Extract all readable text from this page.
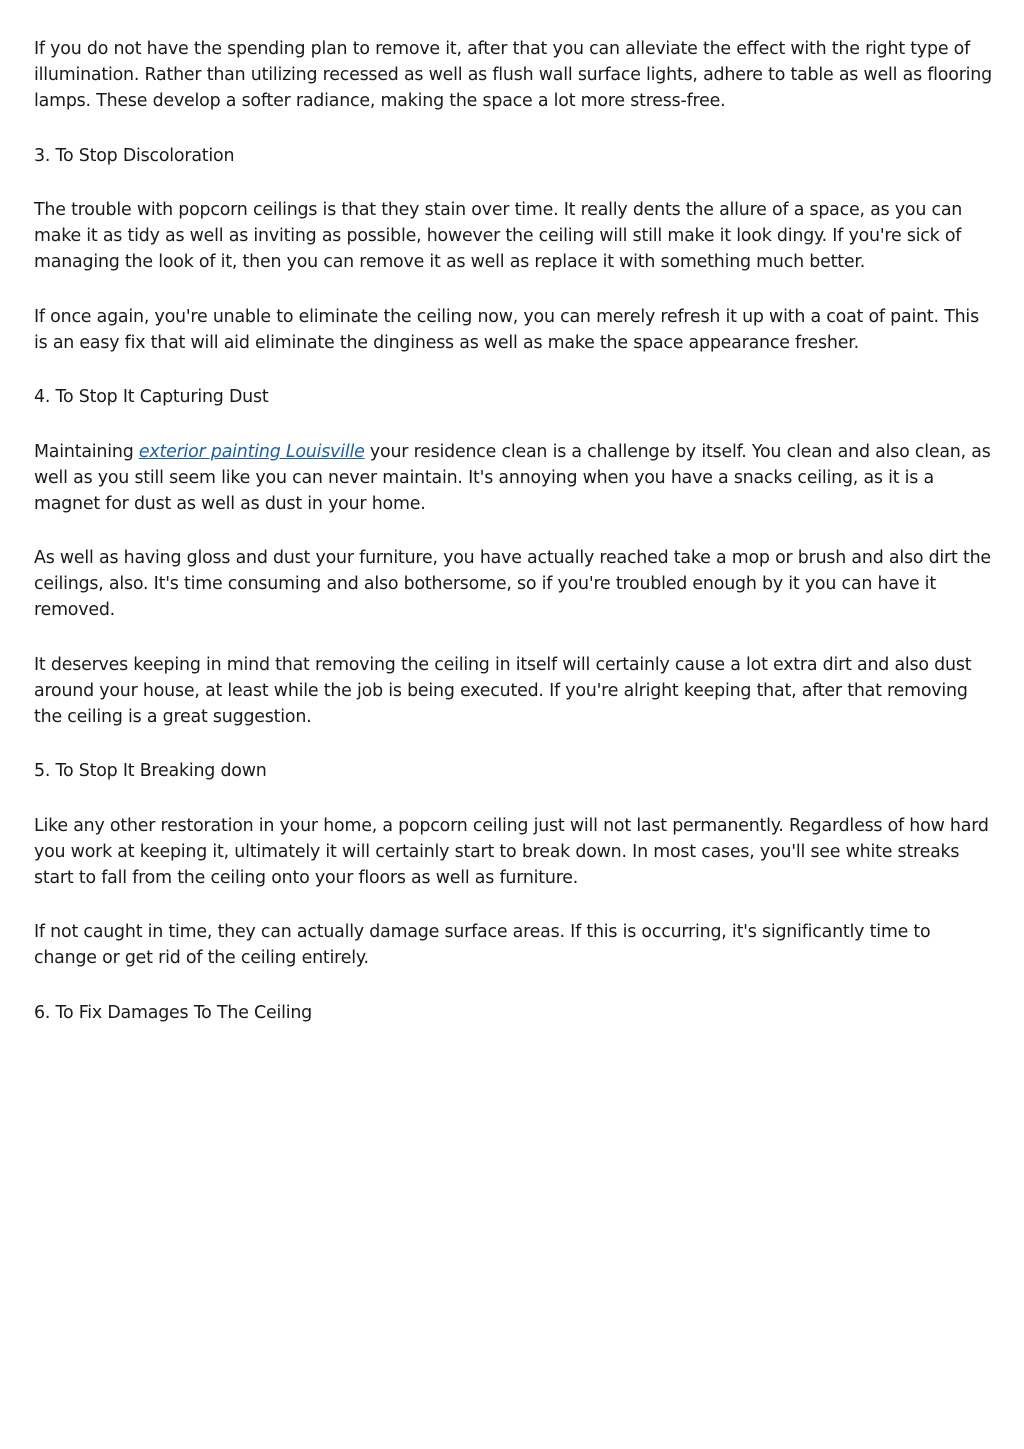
If you do not have the spending plan to remove it, after that you can alleviate the effect with the right type of illumination. Rather than utilizing recessed as well as flush wall surface lights, adhere to table as well as flooring lamps. These develop a softer radiance, making the space a lot more stress-free.

3. To Stop Discoloration

The trouble with popcorn ceilings is that they stain over time. It really dents the allure of a space, as you can make it as tidy as well as inviting as possible, however the ceiling will still make it look dingy. If you're sick of managing the look of it, then you can remove it as well as replace it with something much better.

If once again, you're unable to eliminate the ceiling now, you can merely refresh it up with a coat of paint. This is an easy fix that will aid eliminate the dinginess as well as make the space appearance fresher.

4. To Stop It Capturing Dust

Maintaining exterior painting Louisville your residence clean is a challenge by itself. You clean and also clean, as well as you still seem like you can never maintain. It's annoying when you have a snacks ceiling, as it is a magnet for dust as well as dust in your home.

As well as having gloss and dust your furniture, you have actually reached take a mop or brush and also dirt the ceilings, also. It's time consuming and also bothersome, so if you're troubled enough by it you can have it removed.

It deserves keeping in mind that removing the ceiling in itself will certainly cause a lot extra dirt and also dust around your house, at least while the job is being executed. If you're alright keeping that, after that removing the ceiling is a great suggestion.

5. To Stop It Breaking down

Like any other restoration in your home, a popcorn ceiling just will not last permanently. Regardless of how hard you work at keeping it, ultimately it will certainly start to break down. In most cases, you'll see white streaks start to fall from the ceiling onto your floors as well as furniture.

If not caught in time, they can actually damage surface areas. If this is occurring, it's significantly time to change or get rid of the ceiling entirely.

6. To Fix Damages To The Ceiling
